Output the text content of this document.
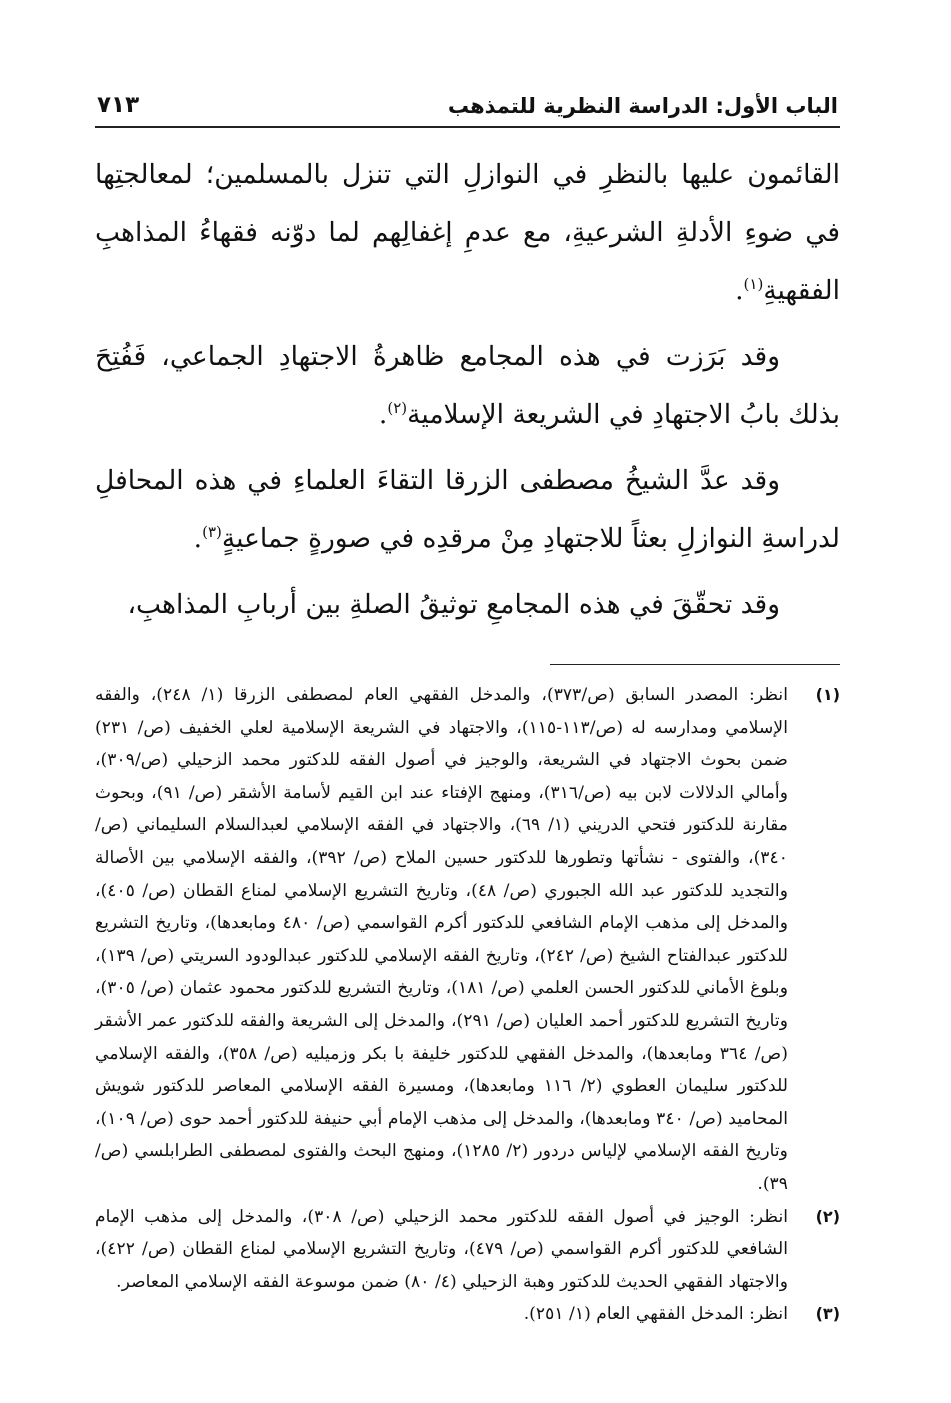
الباب الأول: الدراسة النظرية للتمذهب
٧١٣

القائمون عليها بالنظرِ في النوازلِ التي تنزل بالمسلمين؛ لمعالجتِها في ضوءِ الأدلةِ الشرعيةِ، مع عدمِ إغفالِهم لما دوّنه فقهاءُ المذاهبِ الفقهيةِ$^{(١)}$.

وقد بَرَزت في هذه المجامع ظاهرةُ الاجتهادِ الجماعي، فَفُتِحَ بذلك بابُ الاجتهادِ في الشريعة الإسلامية$^{(٢)}$.

وقد عدَّ الشيخُ مصطفى الزرقا التقاءَ العلماءِ في هذه المحافلِ لدراسةِ النوازلِ بعثاً للاجتهادِ مِنْ مرقدِه في صورةٍ جماعيةٍ$^{(٣)}$.

وقد تحقّقَ في هذه المجامعِ توثيقُ الصلةِ بين أربابِ المذاهبِ،

(١)
انظر: المصدر السابق (ص/٣٧٣)، والمدخل الفقهي العام لمصطفى الزرقا (١/ ٢٤٨)، والفقه الإسلامي ومدارسه له (ص/١١٣-١١٥)، والاجتهاد في الشريعة الإسلامية لعلي الخفيف (ص/ ٢٣١) ضمن بحوث الاجتهاد في الشريعة، والوجيز في أصول الفقه للدكتور محمد الزحيلي (ص/٣٠٩)، وأمالي الدلالات لابن بيه (ص/٣١٦)، ومنهج الإفتاء عند ابن القيم لأسامة الأشقر (ص/ ٩١)، وبحوث مقارنة للدكتور فتحي الدريني (١/ ٦٩)، والاجتهاد في الفقه الإسلامي لعبدالسلام السليماني (ص/ ٣٤٠)، والفتوى - نشأتها وتطورها للدكتور حسين الملاح (ص/ ٣٩٢)، والفقه الإسلامي بين الأصالة والتجديد للدكتور عبد الله الجبوري (ص/ ٤٨)، وتاريخ التشريع الإسلامي لمناع القطان (ص/ ٤٠٥)، والمدخل إلى مذهب الإمام الشافعي للدكتور أكرم القواسمي (ص/ ٤٨٠ ومابعدها)، وتاريخ التشريع للدكتور عبدالفتاح الشيخ (ص/ ٢٤٢)، وتاريخ الفقه الإسلامي للدكتور عبدالودود السريتي (ص/ ١٣٩)، وبلوغ الأماني للدكتور الحسن العلمي (ص/ ١٨١)، وتاريخ التشريع للدكتور محمود عثمان (ص/ ٣٠٥)، وتاريخ التشريع للدكتور أحمد العليان (ص/ ٢٩١)، والمدخل إلى الشريعة والفقه للدكتور عمر الأشقر (ص/ ٣٦٤ ومابعدها)، والمدخل الفقهي للدكتور خليفة با بكر وزميليه (ص/ ٣٥٨)، والفقه الإسلامي للدكتور سليمان العطوي (٢/ ١١٦ ومابعدها)، ومسيرة الفقه الإسلامي المعاصر للدكتور شويش المحاميد (ص/ ٣٤٠ ومابعدها)، والمدخل إلى مذهب الإمام أبي حنيفة للدكتور أحمد حوى (ص/ ١٠٩)، وتاريخ الفقه الإسلامي لإلياس دردور (٢/ ١٢٨٥)، ومنهج البحث والفتوى لمصطفى الطرابلسي (ص/ ٣٩).
(٢)
انظر: الوجيز في أصول الفقه للدكتور محمد الزحيلي (ص/ ٣٠٨)، والمدخل إلى مذهب الإمام الشافعي للدكتور أكرم القواسمي (ص/ ٤٧٩)، وتاريخ التشريع الإسلامي لمناع القطان (ص/ ٤٢٢)، والاجتهاد الفقهي الحديث للدكتور وهبة الزحيلي (٤/ ٨٠) ضمن موسوعة الفقه الإسلامي المعاصر.
(٣)
انظر: المدخل الفقهي العام (١/ ٢٥١).
